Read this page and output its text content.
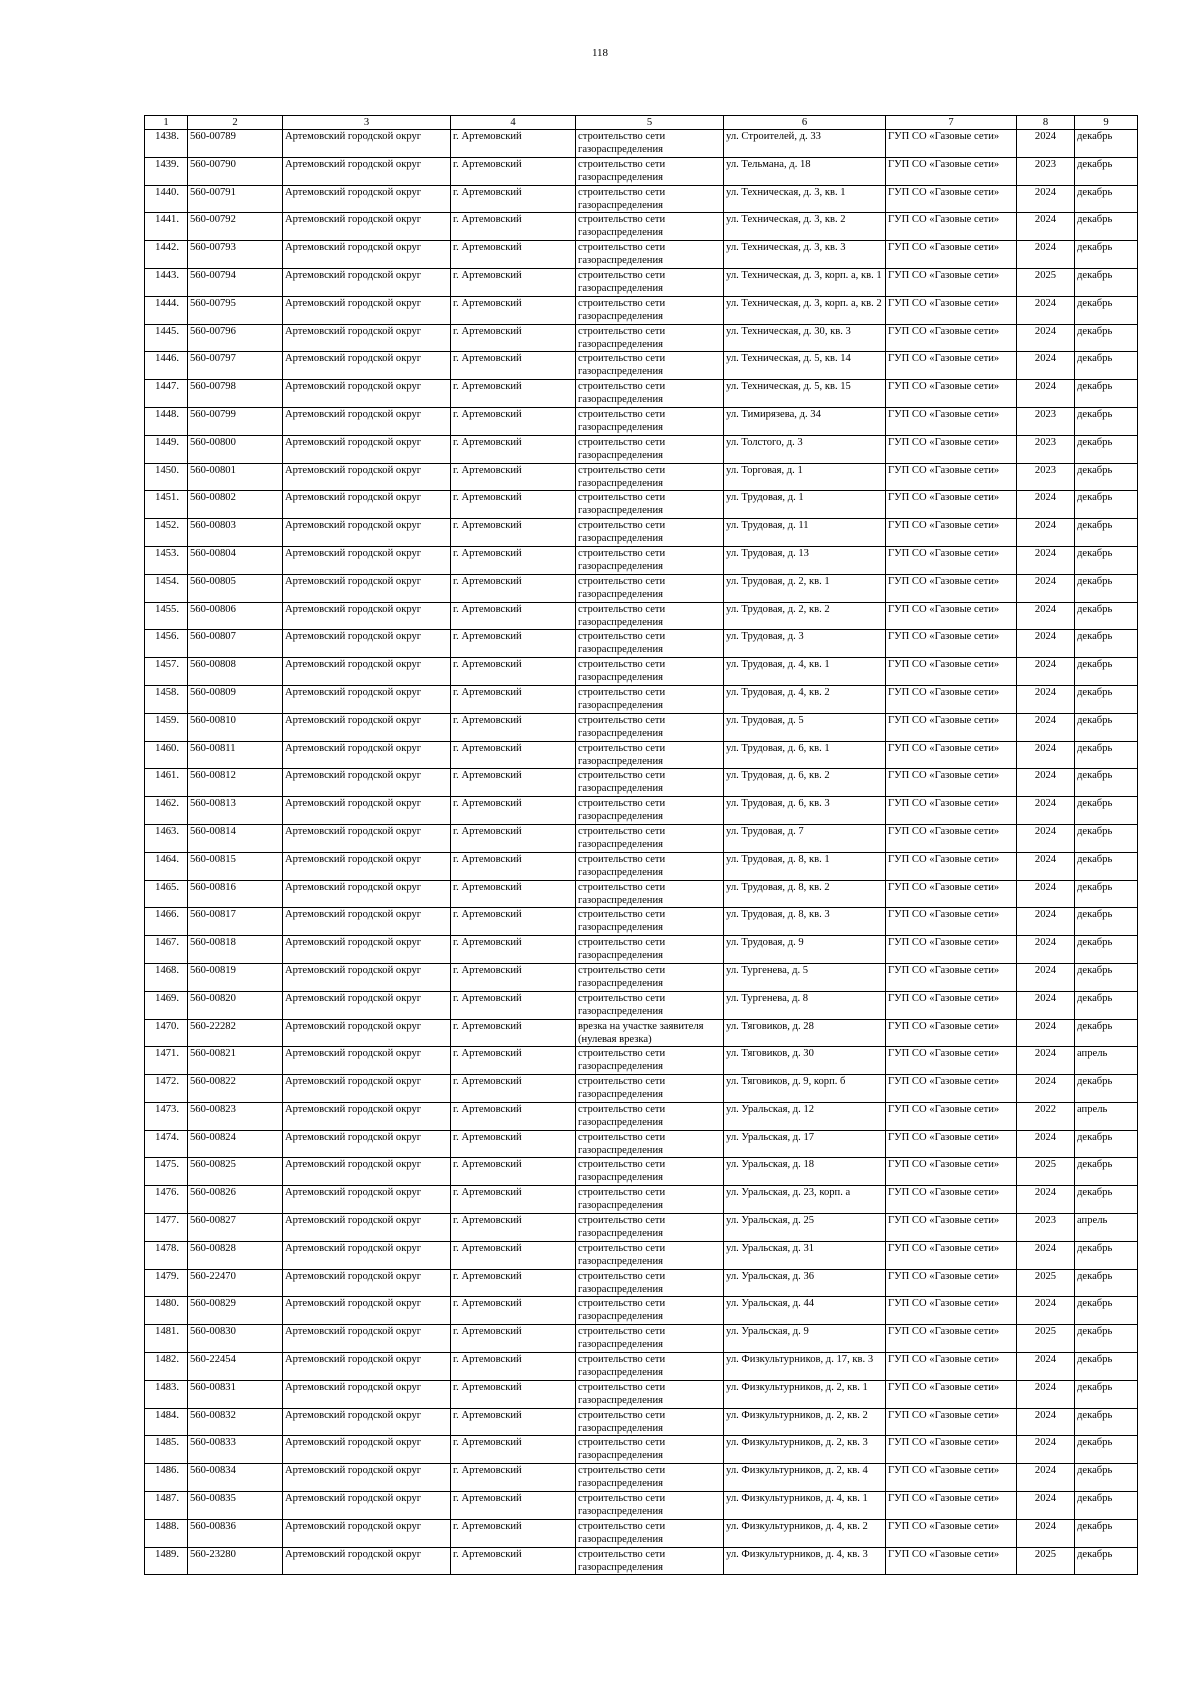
118
1	2	3	4	5	6	7	8	9
1438.	560-00789	Артемовский городской округ	г. Артемовский	строительство сети газораспределения	ул. Строителей, д. 33	ГУП СО «Газовые сети»	2024	декабрь
1439.	560-00790	Артемовский городской округ	г. Артемовский	строительство сети газораспределения	ул. Тельмана, д. 18	ГУП СО «Газовые сети»	2023	декабрь
1440.	560-00791	Артемовский городской округ	г. Артемовский	строительство сети газораспределения	ул. Техническая, д. 3, кв. 1	ГУП СО «Газовые сети»	2024	декабрь
1441.	560-00792	Артемовский городской округ	г. Артемовский	строительство сети газораспределения	ул. Техническая, д. 3, кв. 2	ГУП СО «Газовые сети»	2024	декабрь
1442.	560-00793	Артемовский городской округ	г. Артемовский	строительство сети газораспределения	ул. Техническая, д. 3, кв. 3	ГУП СО «Газовые сети»	2024	декабрь
1443.	560-00794	Артемовский городской округ	г. Артемовский	строительство сети газораспределения	ул. Техническая, д. 3, корп. а, кв. 1	ГУП СО «Газовые сети»	2025	декабрь
1444.	560-00795	Артемовский городской округ	г. Артемовский	строительство сети газораспределения	ул. Техническая, д. 3, корп. а, кв. 2	ГУП СО «Газовые сети»	2024	декабрь
1445.	560-00796	Артемовский городской округ	г. Артемовский	строительство сети газораспределения	ул. Техническая, д. 30, кв. 3	ГУП СО «Газовые сети»	2024	декабрь
1446.	560-00797	Артемовский городской округ	г. Артемовский	строительство сети газораспределения	ул. Техническая, д. 5, кв. 14	ГУП СО «Газовые сети»	2024	декабрь
1447.	560-00798	Артемовский городской округ	г. Артемовский	строительство сети газораспределения	ул. Техническая, д. 5, кв. 15	ГУП СО «Газовые сети»	2024	декабрь
1448.	560-00799	Артемовский городской округ	г. Артемовский	строительство сети газораспределения	ул. Тимирязева, д. 34	ГУП СО «Газовые сети»	2023	декабрь
1449.	560-00800	Артемовский городской округ	г. Артемовский	строительство сети газораспределения	ул. Толстого, д. 3	ГУП СО «Газовые сети»	2023	декабрь
1450.	560-00801	Артемовский городской округ	г. Артемовский	строительство сети газораспределения	ул. Торговая, д. 1	ГУП СО «Газовые сети»	2023	декабрь
1451.	560-00802	Артемовский городской округ	г. Артемовский	строительство сети газораспределения	ул. Трудовая, д. 1	ГУП СО «Газовые сети»	2024	декабрь
1452.	560-00803	Артемовский городской округ	г. Артемовский	строительство сети газораспределения	ул. Трудовая, д. 11	ГУП СО «Газовые сети»	2024	декабрь
1453.	560-00804	Артемовский городской округ	г. Артемовский	строительство сети газораспределения	ул. Трудовая, д. 13	ГУП СО «Газовые сети»	2024	декабрь
1454.	560-00805	Артемовский городской округ	г. Артемовский	строительство сети газораспределения	ул. Трудовая, д. 2, кв. 1	ГУП СО «Газовые сети»	2024	декабрь
1455.	560-00806	Артемовский городской округ	г. Артемовский	строительство сети газораспределения	ул. Трудовая, д. 2, кв. 2	ГУП СО «Газовые сети»	2024	декабрь
1456.	560-00807	Артемовский городской округ	г. Артемовский	строительство сети газораспределения	ул. Трудовая, д. 3	ГУП СО «Газовые сети»	2024	декабрь
1457.	560-00808	Артемовский городской округ	г. Артемовский	строительство сети газораспределения	ул. Трудовая, д. 4, кв. 1	ГУП СО «Газовые сети»	2024	декабрь
1458.	560-00809	Артемовский городской округ	г. Артемовский	строительство сети газораспределения	ул. Трудовая, д. 4, кв. 2	ГУП СО «Газовые сети»	2024	декабрь
1459.	560-00810	Артемовский городской округ	г. Артемовский	строительство сети газораспределения	ул. Трудовая, д. 5	ГУП СО «Газовые сети»	2024	декабрь
1460.	560-00811	Артемовский городской округ	г. Артемовский	строительство сети газораспределения	ул. Трудовая, д. 6, кв. 1	ГУП СО «Газовые сети»	2024	декабрь
1461.	560-00812	Артемовский городской округ	г. Артемовский	строительство сети газораспределения	ул. Трудовая, д. 6, кв. 2	ГУП СО «Газовые сети»	2024	декабрь
1462.	560-00813	Артемовский городской округ	г. Артемовский	строительство сети газораспределения	ул. Трудовая, д. 6, кв. 3	ГУП СО «Газовые сети»	2024	декабрь
1463.	560-00814	Артемовский городской округ	г. Артемовский	строительство сети газораспределения	ул. Трудовая, д. 7	ГУП СО «Газовые сети»	2024	декабрь
1464.	560-00815	Артемовский городской округ	г. Артемовский	строительство сети газораспределения	ул. Трудовая, д. 8, кв. 1	ГУП СО «Газовые сети»	2024	декабрь
1465.	560-00816	Артемовский городской округ	г. Артемовский	строительство сети газораспределения	ул. Трудовая, д. 8, кв. 2	ГУП СО «Газовые сети»	2024	декабрь
1466.	560-00817	Артемовский городской округ	г. Артемовский	строительство сети газораспределения	ул. Трудовая, д. 8, кв. 3	ГУП СО «Газовые сети»	2024	декабрь
1467.	560-00818	Артемовский городской округ	г. Артемовский	строительство сети газораспределения	ул. Трудовая, д. 9	ГУП СО «Газовые сети»	2024	декабрь
1468.	560-00819	Артемовский городской округ	г. Артемовский	строительство сети газораспределения	ул. Тургенева, д. 5	ГУП СО «Газовые сети»	2024	декабрь
1469.	560-00820	Артемовский городской округ	г. Артемовский	строительство сети газораспределения	ул. Тургенева, д. 8	ГУП СО «Газовые сети»	2024	декабрь
1470.	560-22282	Артемовский городской округ	г. Артемовский	врезка на участке заявителя (нулевая врезка)	ул. Тяговиков, д. 28	ГУП СО «Газовые сети»	2024	декабрь
1471.	560-00821	Артемовский городской округ	г. Артемовский	строительство сети газораспределения	ул. Тяговиков, д. 30	ГУП СО «Газовые сети»	2024	апрель
1472.	560-00822	Артемовский городской округ	г. Артемовский	строительство сети газораспределения	ул. Тяговиков, д. 9, корп. б	ГУП СО «Газовые сети»	2024	декабрь
1473.	560-00823	Артемовский городской округ	г. Артемовский	строительство сети газораспределения	ул. Уральская, д. 12	ГУП СО «Газовые сети»	2022	апрель
1474.	560-00824	Артемовский городской округ	г. Артемовский	строительство сети газораспределения	ул. Уральская, д. 17	ГУП СО «Газовые сети»	2024	декабрь
1475.	560-00825	Артемовский городской округ	г. Артемовский	строительство сети газораспределения	ул. Уральская, д. 18	ГУП СО «Газовые сети»	2025	декабрь
1476.	560-00826	Артемовский городской округ	г. Артемовский	строительство сети газораспределения	ул. Уральская, д. 23, корп. а	ГУП СО «Газовые сети»	2024	декабрь
1477.	560-00827	Артемовский городской округ	г. Артемовский	строительство сети газораспределения	ул. Уральская, д. 25	ГУП СО «Газовые сети»	2023	апрель
1478.	560-00828	Артемовский городской округ	г. Артемовский	строительство сети газораспределения	ул. Уральская, д. 31	ГУП СО «Газовые сети»	2024	декабрь
1479.	560-22470	Артемовский городской округ	г. Артемовский	строительство сети газораспределения	ул. Уральская, д. 36	ГУП СО «Газовые сети»	2025	декабрь
1480.	560-00829	Артемовский городской округ	г. Артемовский	строительство сети газораспределения	ул. Уральская, д. 44	ГУП СО «Газовые сети»	2024	декабрь
1481.	560-00830	Артемовский городской округ	г. Артемовский	строительство сети газораспределения	ул. Уральская, д. 9	ГУП СО «Газовые сети»	2025	декабрь
1482.	560-22454	Артемовский городской округ	г. Артемовский	строительство сети газораспределения	ул. Физкультурников, д. 17, кв. 3	ГУП СО «Газовые сети»	2024	декабрь
1483.	560-00831	Артемовский городской округ	г. Артемовский	строительство сети газораспределения	ул. Физкультурников, д. 2, кв. 1	ГУП СО «Газовые сети»	2024	декабрь
1484.	560-00832	Артемовский городской округ	г. Артемовский	строительство сети газораспределения	ул. Физкультурников, д. 2, кв. 2	ГУП СО «Газовые сети»	2024	декабрь
1485.	560-00833	Артемовский городской округ	г. Артемовский	строительство сети газораспределения	ул. Физкультурников, д. 2, кв. 3	ГУП СО «Газовые сети»	2024	декабрь
1486.	560-00834	Артемовский городской округ	г. Артемовский	строительство сети газораспределения	ул. Физкультурников, д. 2, кв. 4	ГУП СО «Газовые сети»	2024	декабрь
1487.	560-00835	Артемовский городской округ	г. Артемовский	строительство сети газораспределения	ул. Физкультурников, д. 4, кв. 1	ГУП СО «Газовые сети»	2024	декабрь
1488.	560-00836	Артемовский городской округ	г. Артемовский	строительство сети газораспределения	ул. Физкультурников, д. 4, кв. 2	ГУП СО «Газовые сети»	2024	декабрь
1489.	560-23280	Артемовский городской округ	г. Артемовский	строительство сети газораспределения	ул. Физкультурников, д. 4, кв. 3	ГУП СО «Газовые сети»	2025	декабрь
